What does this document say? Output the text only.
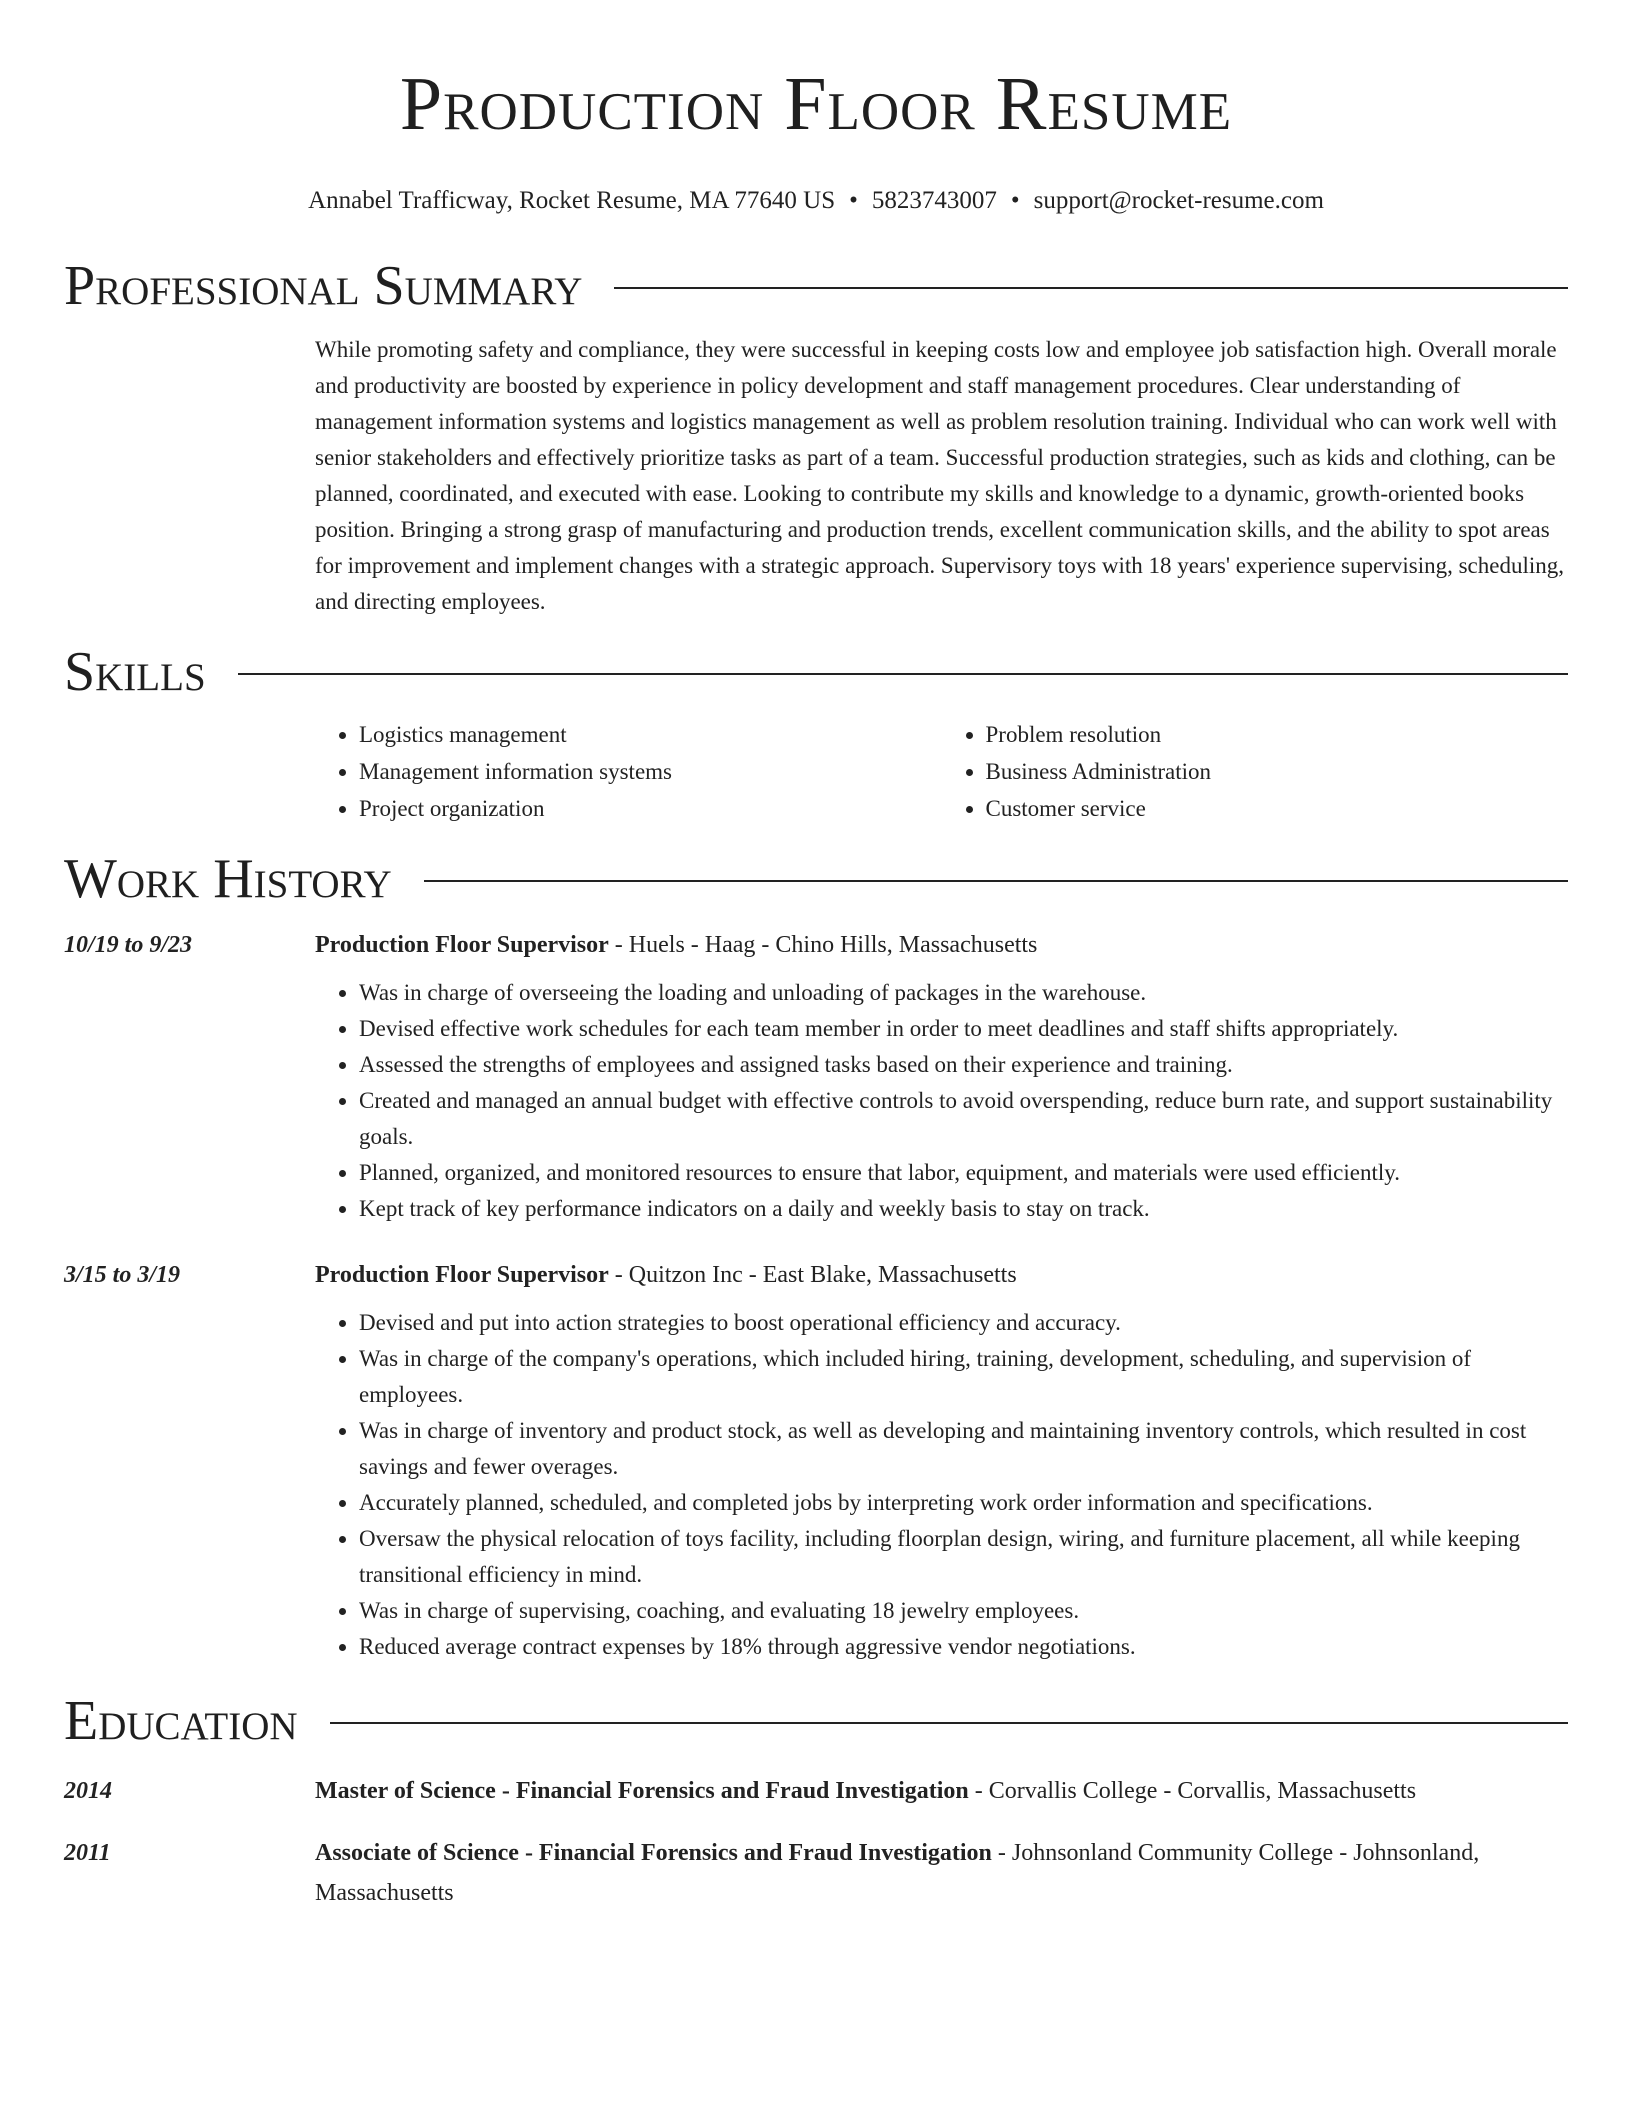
Production Floor Resume
Annabel Trafficway, Rocket Resume, MA 77640 US • 5823743007 • support@rocket-resume.com
Professional Summary

While promoting safety and compliance, they were successful in keeping costs low and employee job satisfaction high. Overall morale and productivity are boosted by experience in policy development and staff management procedures. Clear understanding of management information systems and logistics management as well as problem resolution training. Individual who can work well with senior stakeholders and effectively prioritize tasks as part of a team. Successful production strategies, such as kids and clothing, can be planned, coordinated, and executed with ease. Looking to contribute my skills and knowledge to a dynamic, growth-oriented books position. Bringing a strong grasp of manufacturing and production trends, excellent communication skills, and the ability to spot areas for improvement and implement changes with a strategic approach. Supervisory toys with 18 years' experience supervising, scheduling, and directing employees.

Skills
• Logistics management
• Management information systems
• Project organization
• Problem resolution
• Business Administration
• Customer service
Work History
10/19 to 9/23	Production Floor Supervisor - Huels - Haag - Chino Hills, Massachusetts
• Was in charge of overseeing the loading and unloading of packages in the warehouse.
• Devised effective work schedules for each team member in order to meet deadlines and staff shifts appropriately.
• Assessed the strengths of employees and assigned tasks based on their experience and training.
• Created and managed an annual budget with effective controls to avoid overspending, reduce burn rate, and support sustainability goals.
• Planned, organized, and monitored resources to ensure that labor, equipment, and materials were used efficiently.
• Kept track of key performance indicators on a daily and weekly basis to stay on track.
3/15 to 3/19	Production Floor Supervisor - Quitzon Inc - East Blake, Massachusetts
• Devised and put into action strategies to boost operational efficiency and accuracy.
• Was in charge of the company's operations, which included hiring, training, development, scheduling, and supervision of employees.
• Was in charge of inventory and product stock, as well as developing and maintaining inventory controls, which resulted in cost savings and fewer overages.
• Accurately planned, scheduled, and completed jobs by interpreting work order information and specifications.
• Oversaw the physical relocation of toys facility, including floorplan design, wiring, and furniture placement, all while keeping transitional efficiency in mind.
• Was in charge of supervising, coaching, and evaluating 18 jewelry employees.
• Reduced average contract expenses by 18% through aggressive vendor negotiations.
Education
2014	Master of Science - Financial Forensics and Fraud Investigation - Corvallis College - Corvallis, Massachusetts
2011	Associate of Science - Financial Forensics and Fraud Investigation - Johnsonland Community College - Johnsonland, Massachusetts
